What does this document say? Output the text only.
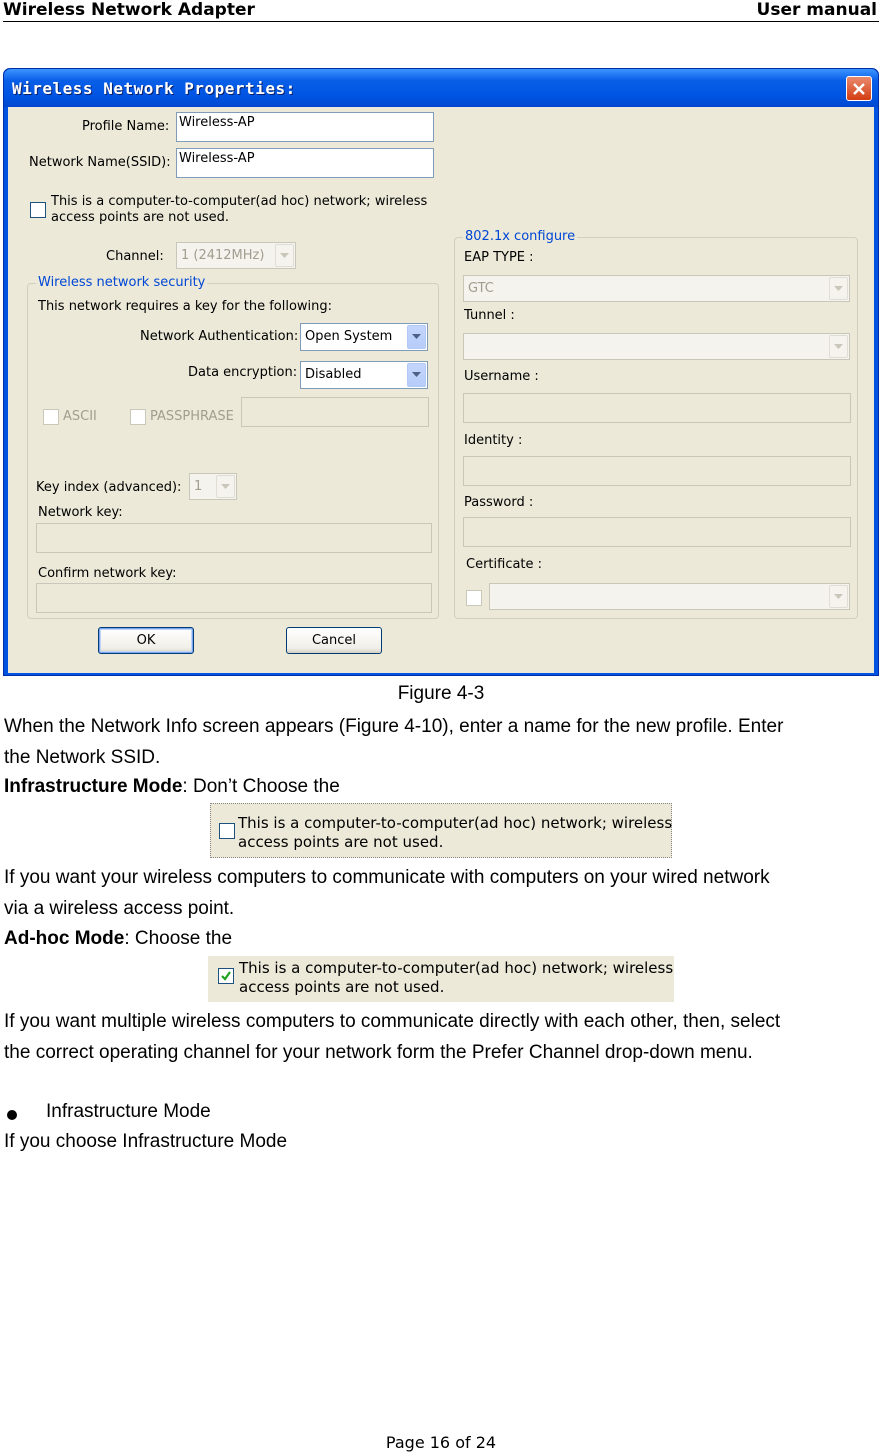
Wireless Network Adapter	User manual
Wireless Network Properties:
Profile Name: Wireless-AP
Network Name(SSID): Wireless-AP
This is a computer-to-computer(ad hoc) network; wireless
access points are not used.
Channel: 1 (2412MHz)
Wireless network security
This network requires a key for the following:
Network Authentication: Open System
Data encryption: Disabled
ASCII	PASSPHRASE
Key index (advanced): 1
Network key:
Confirm network key:
802.1x configure
EAP TYPE :
GTC
Tunnel :
Username :
Identity :
Password :
Certificate :
OK	Cancel
Figure 4-3
When the Network Info screen appears (Figure 4-10), enter a name for the new profile. Enter
the Network SSID.
Infrastructure Mode: Don’t Choose the
This is a computer-to-computer(ad hoc) network; wireless
access points are not used.
If you want your wireless computers to communicate with computers on your wired network
via a wireless access point.
Ad-hoc Mode: Choose the
This is a computer-to-computer(ad hoc) network; wireless
access points are not used.
If you want multiple wireless computers to communicate directly with each other, then, select
the correct operating channel for your network form the Prefer Channel drop-down menu.
Infrastructure Mode
If you choose Infrastructure Mode
Page 16 of 24
